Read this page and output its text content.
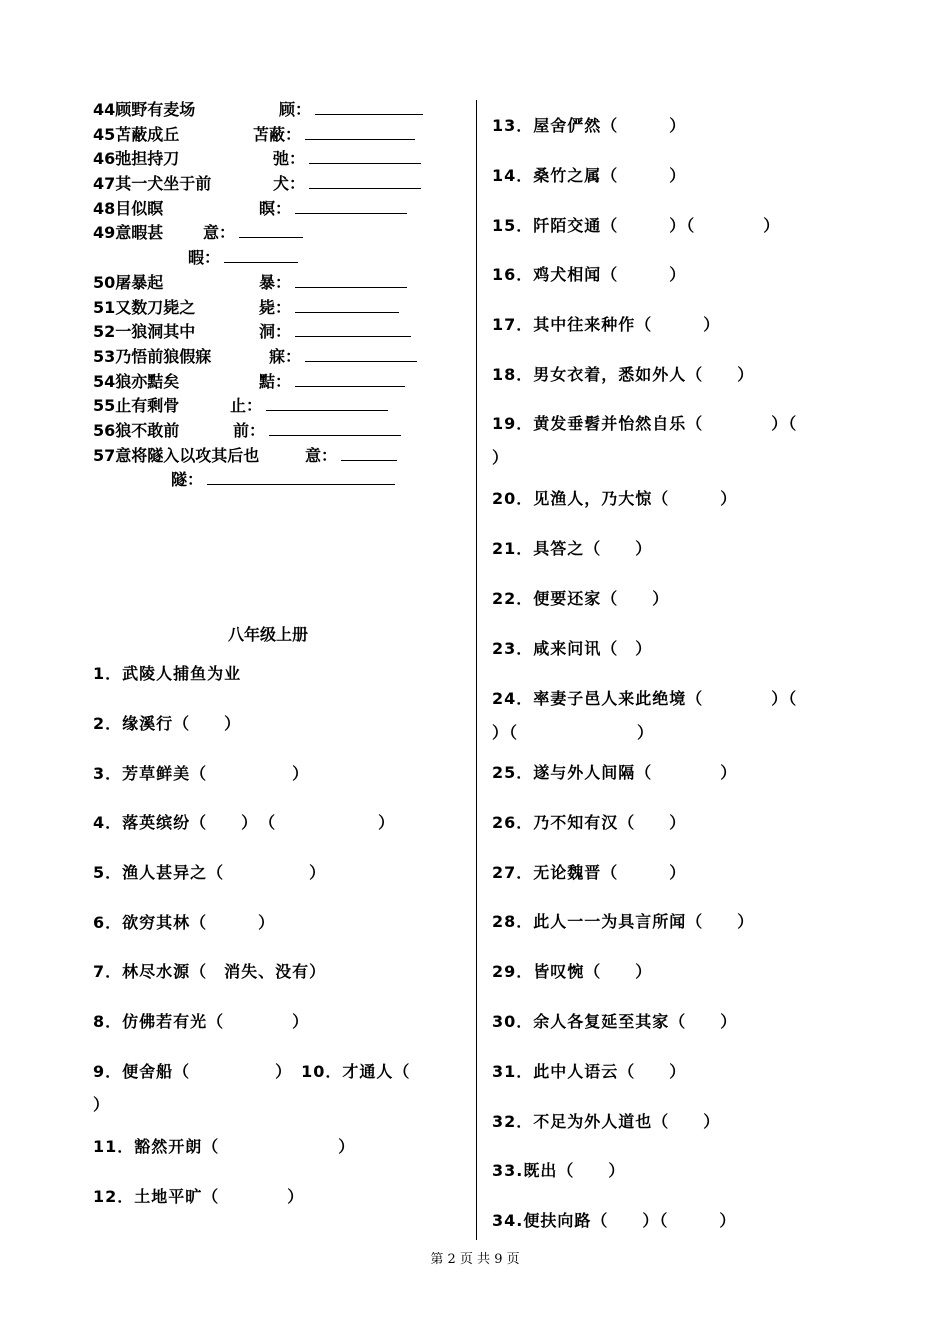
44顾野有麦场	顾：
45苫蔽成丘	苫蔽：
46弛担持刀	弛：
47其一犬坐于前	犬：
48目似瞑	瞑：
49意暇甚 意：
暇：
50屠暴起	暴：
51又数刀毙之	毙：
52一狼洞其中	洞：
53乃悟前狼假寐	寐：
54狼亦黠矣	黠：
55止有剩骨	止：
56狼不敢前	前：
57意将隧入以攻其后也	意：
隧：
八年级上册
1．武陵人捕鱼为业
2．缘溪行（　　）
3．芳草鲜美（　　　　　）
4．落英缤纷（　　）　（　　　　　　）
5．渔人甚异之（　　　　　）
6．欲穷其林（　　　）
7．林尽水源（　消失、没有）
8．仿佛若有光（　　　　）
9．便舍船（　　　　　）　10．才通人（
）
11．豁然开朗（　　　　　　　）
12．土地平旷（　　　　）
13．屋舍俨然（　　　）
14．桑竹之属（　　　）
15．阡陌交通（　　　）（　　　　）
16．鸡犬相闻（　　　）
17．其中往来种作（　　　）
18．男女衣着，悉如外人（　　）
19．黄发垂髫并怡然自乐（　　　　）（
）
20．见渔人，乃大惊（　　　）
21．具答之（　　）
22．便要还家（　　）
23．咸来问讯（　）
24．率妻子邑人来此绝境（　　　　）（
）（　　　　　　　）
25．遂与外人间隔（　　　　）
26．乃不知有汉（　　）
27．无论魏晋（　　　）
28．此人一一为具言所闻（　　）
29．皆叹惋（　　）
30．余人各复延至其家（　　）
31．此中人语云（　　）
32．不足为外人道也（　　）
33.既出（　　）
34.便扶向路（　　）（　　　）
第 2 页 共 9 页
